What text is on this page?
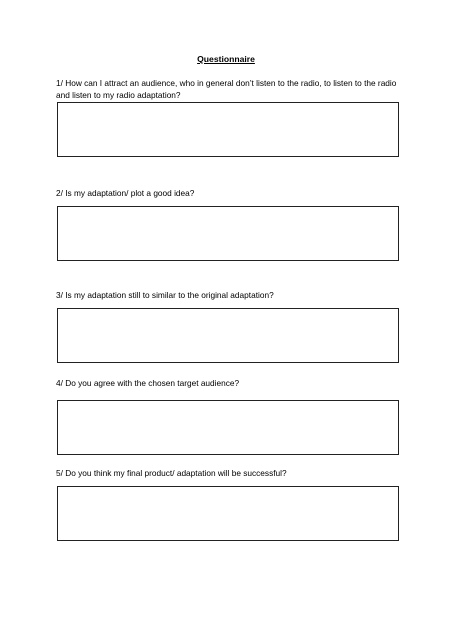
Questionnaire
1/ How can I attract an audience, who in general don’t listen to the radio, to listen to the radio and listen to my radio adaptation?
2/ Is my adaptation/ plot a good idea?
3/ Is my adaptation still to similar to the original adaptation?
4/ Do you agree with the chosen target audience?
5/ Do you think my final product/ adaptation will be successful?
